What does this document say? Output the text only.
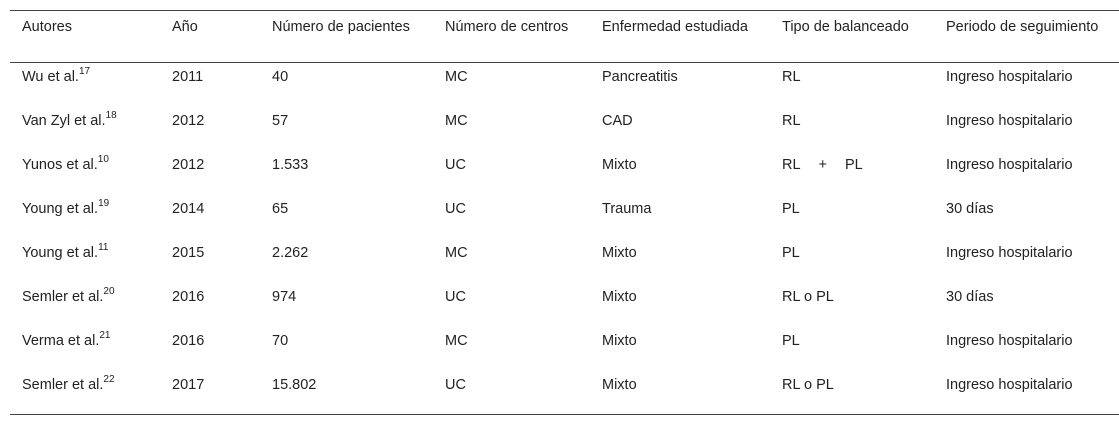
Autores	Año	Número de pacientes	Número de centros	Enfermedad estudiada	Tipo de balanceado	Periodo de seguimiento
Wu et al.$^{17}$	2011	40	MC	Pancreatitis	RL	Ingreso hospitalario
Van Zyl et al.$^{18}$	2012	57	MC	CAD	RL	Ingreso hospitalario
Yunos et al.$^{10}$	2012	1.533	UC	Mixto	RL + PL	Ingreso hospitalario
Young et al.$^{19}$	2014	65	UC	Trauma	PL	30 días
Young et al.$^{11}$	2015	2.262	MC	Mixto	PL	Ingreso hospitalario
Semler et al.$^{20}$	2016	974	UC	Mixto	RL o PL	30 días
Verma et al.$^{21}$	2016	70	MC	Mixto	PL	Ingreso hospitalario
Semler et al.$^{22}$	2017	15.802	UC	Mixto	RL o PL	Ingreso hospitalario
